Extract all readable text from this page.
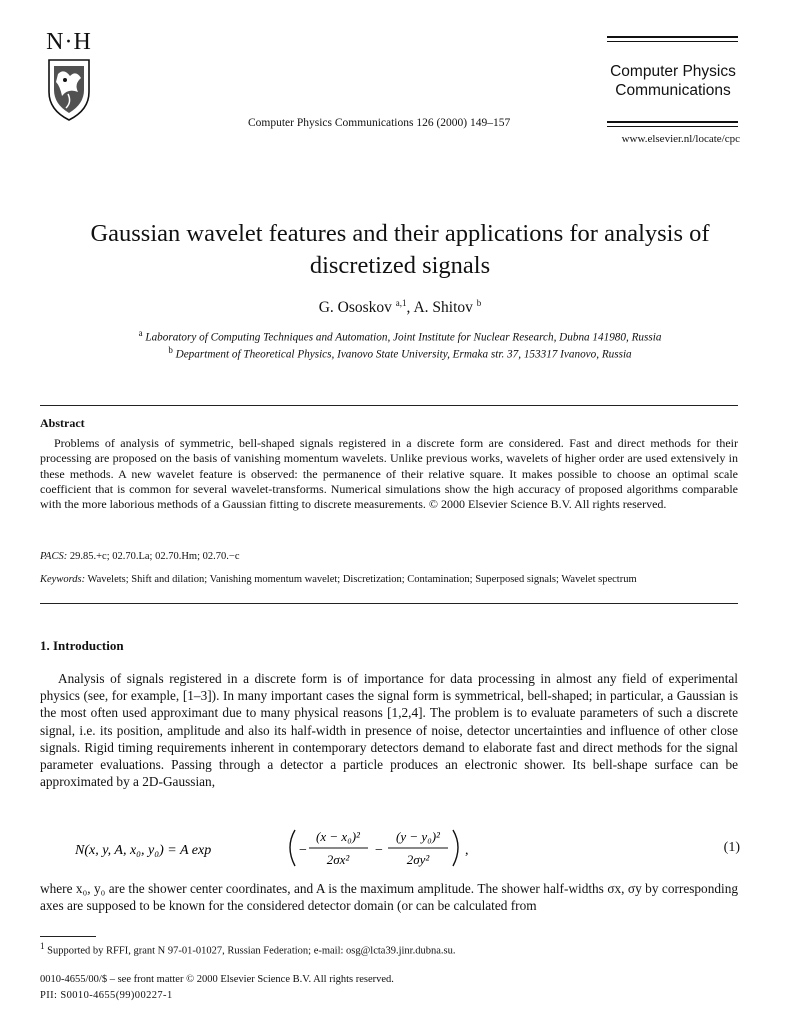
N·H
Computer Physics Communications 126 (2000) 149–157
Computer Physics
Communications
www.elsevier.nl/locate/cpc
Gaussian wavelet features and their applications for analysis of
discretized signals
G. Ososkov $^{a,1}$, A. Shitov $^b$
$^a$ Laboratory of Computing Techniques and Automation, Joint Institute for Nuclear Research, Dubna 141980, Russia
$^b$ Department of Theoretical Physics, Ivanovo State University, Ermaka str. 37, 153317 Ivanovo, Russia
Abstract
Problems of analysis of symmetric, bell-shaped signals registered in a discrete form are considered. Fast and direct methods for their processing are proposed on the basis of vanishing momentum wavelets. Unlike previous works, wavelets of higher order are used extensively in these methods. A new wavelet feature is observed: the permanence of their relative square. It makes possible to choose an optimal scale coefficient that is common for several wavelet-transforms. Numerical simulations show the high accuracy of proposed algorithms comparable with the more laborious methods of a Gaussian fitting to discrete measurements. © 2000 Elsevier Science B.V. All rights reserved.
PACS: 29.85.+c; 02.70.La; 02.70.Hm; 02.70.−c
Keywords: Wavelets; Shift and dilation; Vanishing momentum wavelet; Discretization; Contamination; Superposed signals; Wavelet spectrum
1. Introduction
Analysis of signals registered in a discrete form is of importance for data processing in almost any field of experimental physics (see, for example, [1–3]). In many important cases the signal form is symmetrical, bell-shaped; in particular, a Gaussian is the most often used approximant due to many physical reasons [1,2,4]. The problem is to evaluate parameters of such a discrete signal, i.e. its position, amplitude and also its half-width in presence of noise, detector uncertainties and influence of other close signals. Rigid timing requirements inherent in contemporary detectors demand to elaborate fast and direct methods for the signal parameter evaluations. Passing through a detector a particle produces an electronic shower. Its bell-shape surface can be approximated by a 2D-Gaussian,
N(x, y, A, x₀, y₀) = A exp	−
(x − x₀)²
2σx²
−
(y − y₀)²
2σy²
,	(1)
where x₀, y₀ are the shower center coordinates, and A is the maximum amplitude. The shower half-widths σx, σy by corresponding axes are supposed to be known for the considered detector domain (or can be calculated from
$^1$ Supported by RFFI, grant N 97-01-01027, Russian Federation; e-mail: osg@lcta39.jinr.dubna.su.
0010-4655/00/$ – see front matter © 2000 Elsevier Science B.V. All rights reserved.
PII: S0010-4655(99)00227-1
